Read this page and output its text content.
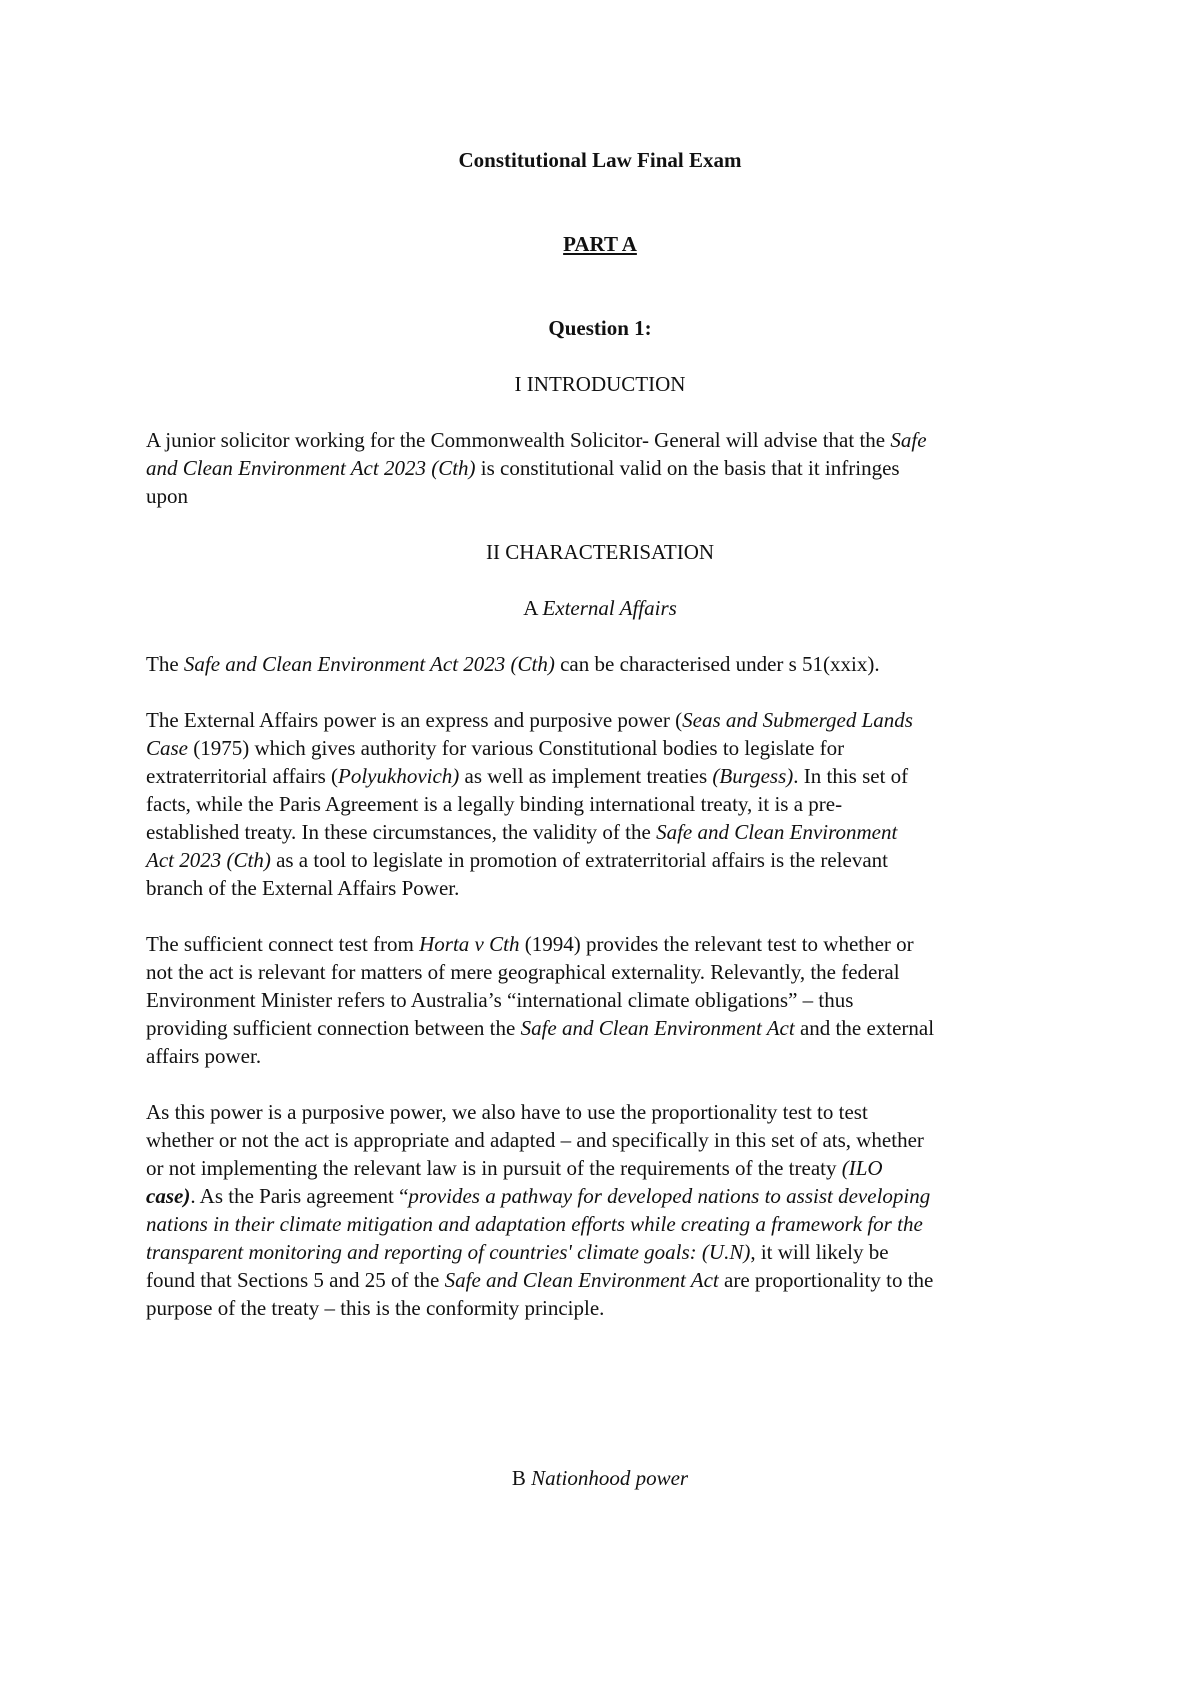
Constitutional Law Final Exam
PART A
Question 1:
I INTRODUCTION
A junior solicitor working for the Commonwealth Solicitor- General will advise that the Safe
and Clean Environment Act 2023 (Cth) is constitutional valid on the basis that it infringes
upon
II CHARACTERISATION
A External Affairs
The Safe and Clean Environment Act 2023 (Cth) can be characterised under s 51(xxix).
The External Affairs power is an express and purposive power (Seas and Submerged Lands
Case (1975) which gives authority for various Constitutional bodies to legislate for
extraterritorial affairs (Polyukhovich) as well as implement treaties (Burgess). In this set of
facts, while the Paris Agreement is a legally binding international treaty, it is a pre-
established treaty. In these circumstances, the validity of the Safe and Clean Environment
Act 2023 (Cth) as a tool to legislate in promotion of extraterritorial affairs is the relevant
branch of the External Affairs Power.
The sufficient connect test from Horta v Cth (1994) provides the relevant test to whether or
not the act is relevant for matters of mere geographical externality. Relevantly, the federal
Environment Minister refers to Australia’s “international climate obligations” – thus
providing sufficient connection between the Safe and Clean Environment Act and the external
affairs power.
As this power is a purposive power, we also have to use the proportionality test to test
whether or not the act is appropriate and adapted – and specifically in this set of ats, whether
or not implementing the relevant law is in pursuit of the requirements of the treaty (ILO
case). As the Paris agreement “provides a pathway for developed nations to assist developing
nations in their climate mitigation and adaptation efforts while creating a framework for the
transparent monitoring and reporting of countries' climate goals: (U.N), it will likely be
found that Sections 5 and 25 of the Safe and Clean Environment Act are proportionality to the
purpose of the treaty – this is the conformity principle.
B Nationhood power
